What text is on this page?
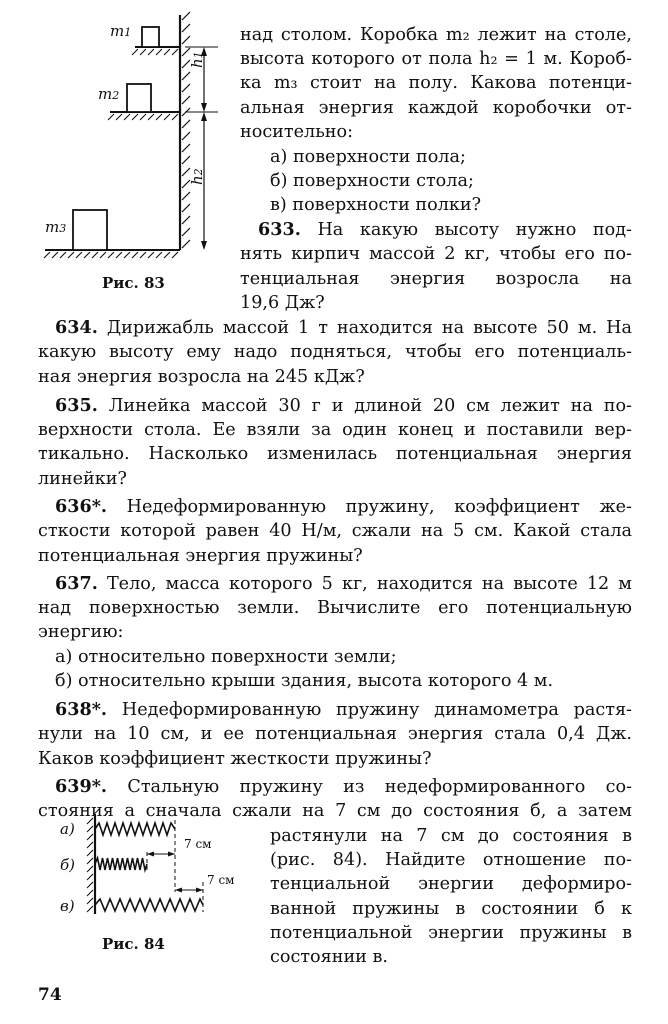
m1
m2
m3
h1
h2
Рис. 83
над столом. Коробка m₂ лежит на столе,
высота которого от пола h₂ = 1 м. Короб-
ка m₃ стоит на полу. Какова потенци-
альная энергия каждой коробочки от-
носительно:
а) поверхности пола;
б) поверхности стола;
в) поверхности полки?
633. На какую высоту нужно под-
нять кирпич массой 2 кг, чтобы его по-
тенциальная энергия возросла на
19,6 Дж?
634. Дирижабль массой 1 т находится на высоте 50 м. На
какую высоту ему надо подняться, чтобы его потенциаль-
ная энергия возросла на 245 кДж?
635. Линейка массой 30 г и длиной 20 см лежит на по-
верхности стола. Ее взяли за один конец и поставили вер-
тикально. Насколько изменилась потенциальная энергия
линейки?
636*. Недеформированную пружину, коэффициент же-
сткости которой равен 40 Н/м, сжали на 5 см. Какой стала
потенциальная энергия пружины?
637. Тело, масса которого 5 кг, находится на высоте 12 м
над поверхностью земли. Вычислите его потенциальную
энергию:
а) относительно поверхности земли;
б) относительно крыши здания, высота которого 4 м.
638*. Недеформированную пружину динамометра растя-
нули на 10 см, и ее потенциальная энергия стала 0,4 Дж.
Каков коэффициент жесткости пружины?
639*. Стальную пружину из недеформированного со-
стояния а сначала сжали на 7 см до состояния б, а затем
растянули на 7 см до состояния в
(рис. 84). Найдите отношение по-
тенциальной энергии деформиро-
ванной пружины в состоянии б к
потенциальной энергии пружины в
состоянии в.
а)
б)
в)
7 см
7 см
Рис. 84
74
